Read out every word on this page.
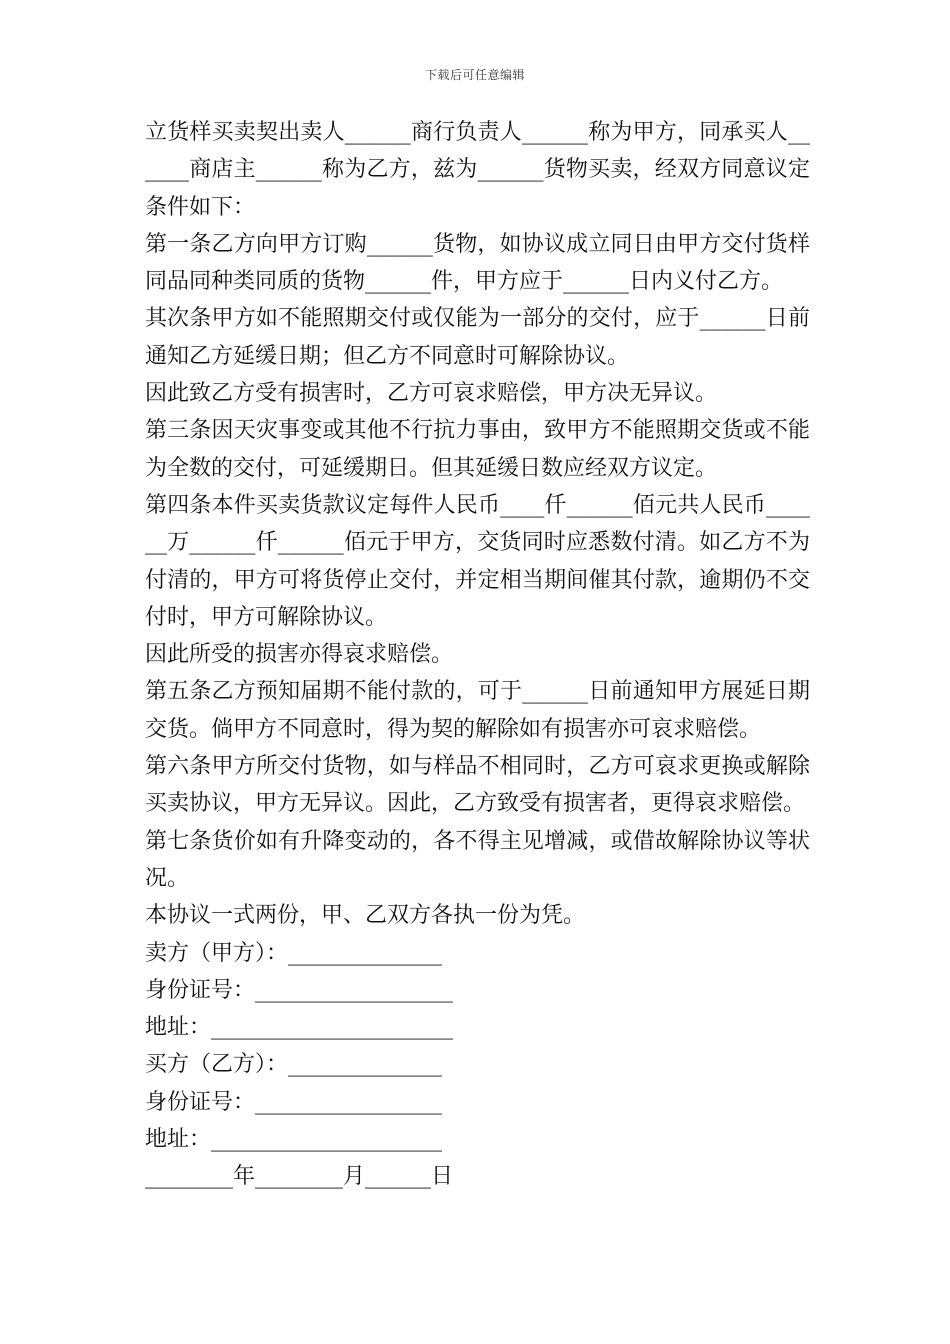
下载后可任意编辑

立货样买卖契出卖人______商行负责人______称为甲方，同承买人______商店主______称为乙方，兹为______货物买卖，经双方同意议定条件如下：

第一条乙方向甲方订购______货物，如协议成立同日由甲方交付货样同品同种类同质的货物______件，甲方应于______日内义付乙方。

其次条甲方如不能照期交付或仅能为一部分的交付，应于______日前通知乙方延缓日期；但乙方不同意时可解除协议。

因此致乙方受有损害时，乙方可哀求赔偿，甲方决无异议。

第三条因天灾事变或其他不行抗力事由，致甲方不能照期交货或不能为全数的交付，可延缓期日。但其延缓日数应经双方议定。

第四条本件买卖货款议定每件人民币____仟______佰元共人民币______万______仟______佰元于甲方，交货同时应悉数付清。如乙方不为付清的，甲方可将货停止交付，并定相当期间催其付款，逾期仍不交付时，甲方可解除协议。

因此所受的损害亦得哀求赔偿。

第五条乙方预知届期不能付款的，可于______日前通知甲方展延日期交货。倘甲方不同意时，得为契的解除如有损害亦可哀求赔偿。

第六条甲方所交付货物，如与样品不相同时，乙方可哀求更换或解除买卖协议，甲方无异议。因此，乙方致受有损害者，更得哀求赔偿。

第七条货价如有升降变动的，各不得主见增减，或借故解除协议等状况。

本协议一式两份，甲、乙双方各执一份为凭。

卖方（甲方）：______________

身份证号：__________________

地址：______________________

买方（乙方）：______________

身份证号：_________________

地址：_____________________

________年________月______日
